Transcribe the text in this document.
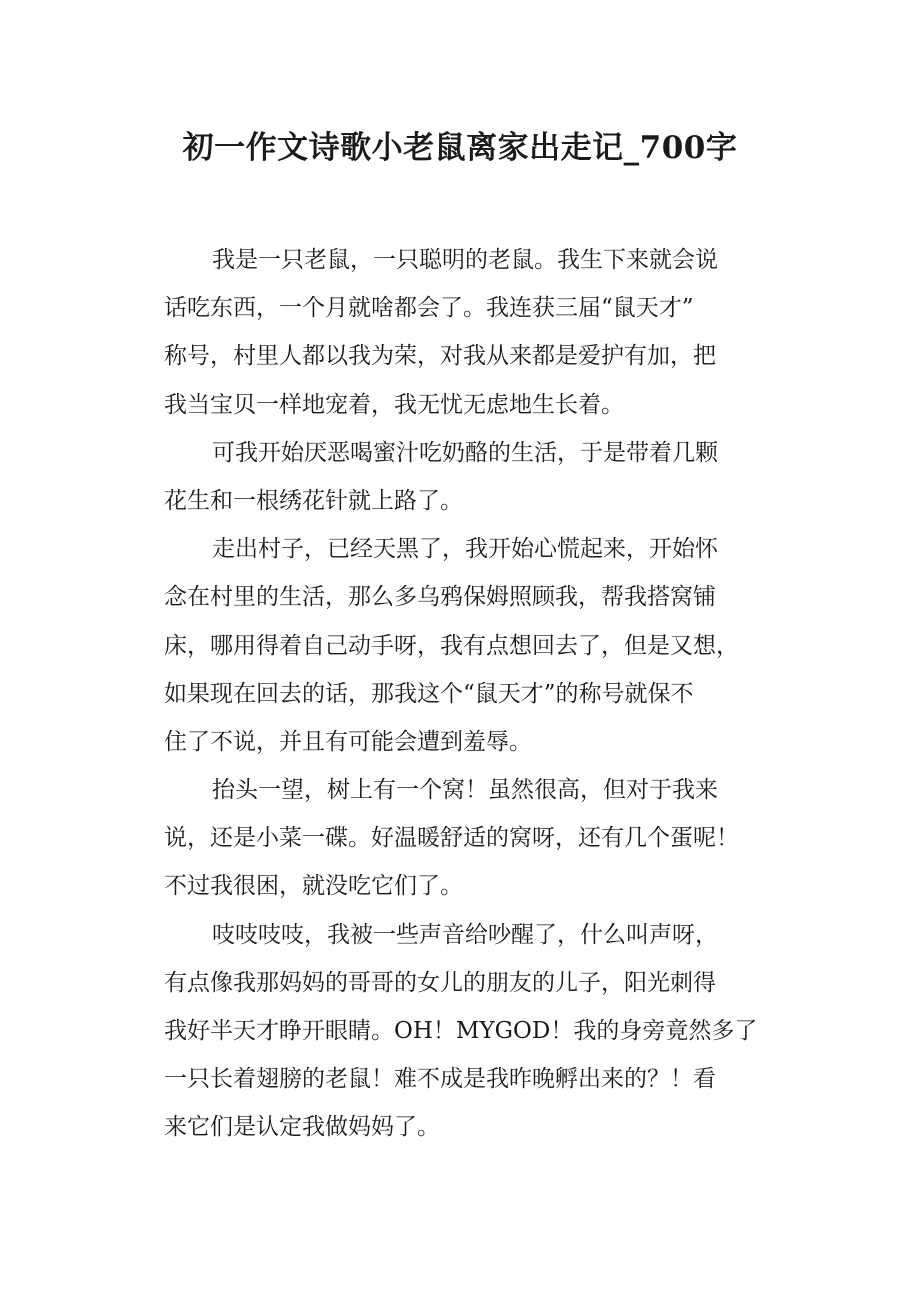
初一作文诗歌小老鼠离家出走记_700字
我是一只老鼠，一只聪明的老鼠。我生下来就会说
话吃东西，一个月就啥都会了。我连获三届“鼠天才”
称号，村里人都以我为荣，对我从来都是爱护有加，把
我当宝贝一样地宠着，我无忧无虑地生长着。
可我开始厌恶喝蜜汁吃奶酪的生活，于是带着几颗
花生和一根绣花针就上路了。
走出村子，已经天黑了，我开始心慌起来，开始怀
念在村里的生活，那么多乌鸦保姆照顾我，帮我搭窝铺
床，哪用得着自己动手呀，我有点想回去了，但是又想，
如果现在回去的话，那我这个“鼠天才”的称号就保不
住了不说，并且有可能会遭到羞辱。
抬头一望，树上有一个窝！虽然很高，但对于我来
说，还是小菜一碟。好温暖舒适的窝呀，还有几个蛋呢！
不过我很困，就没吃它们了。
吱吱吱吱，我被一些声音给吵醒了，什么叫声呀，
有点像我那妈妈的哥哥的女儿的朋友的儿子，阳光刺得
我好半天才睁开眼睛。OH！MYGOD！我的身旁竟然多了
一只长着翅膀的老鼠！难不成是我昨晚孵出来的？！看
来它们是认定我做妈妈了。
